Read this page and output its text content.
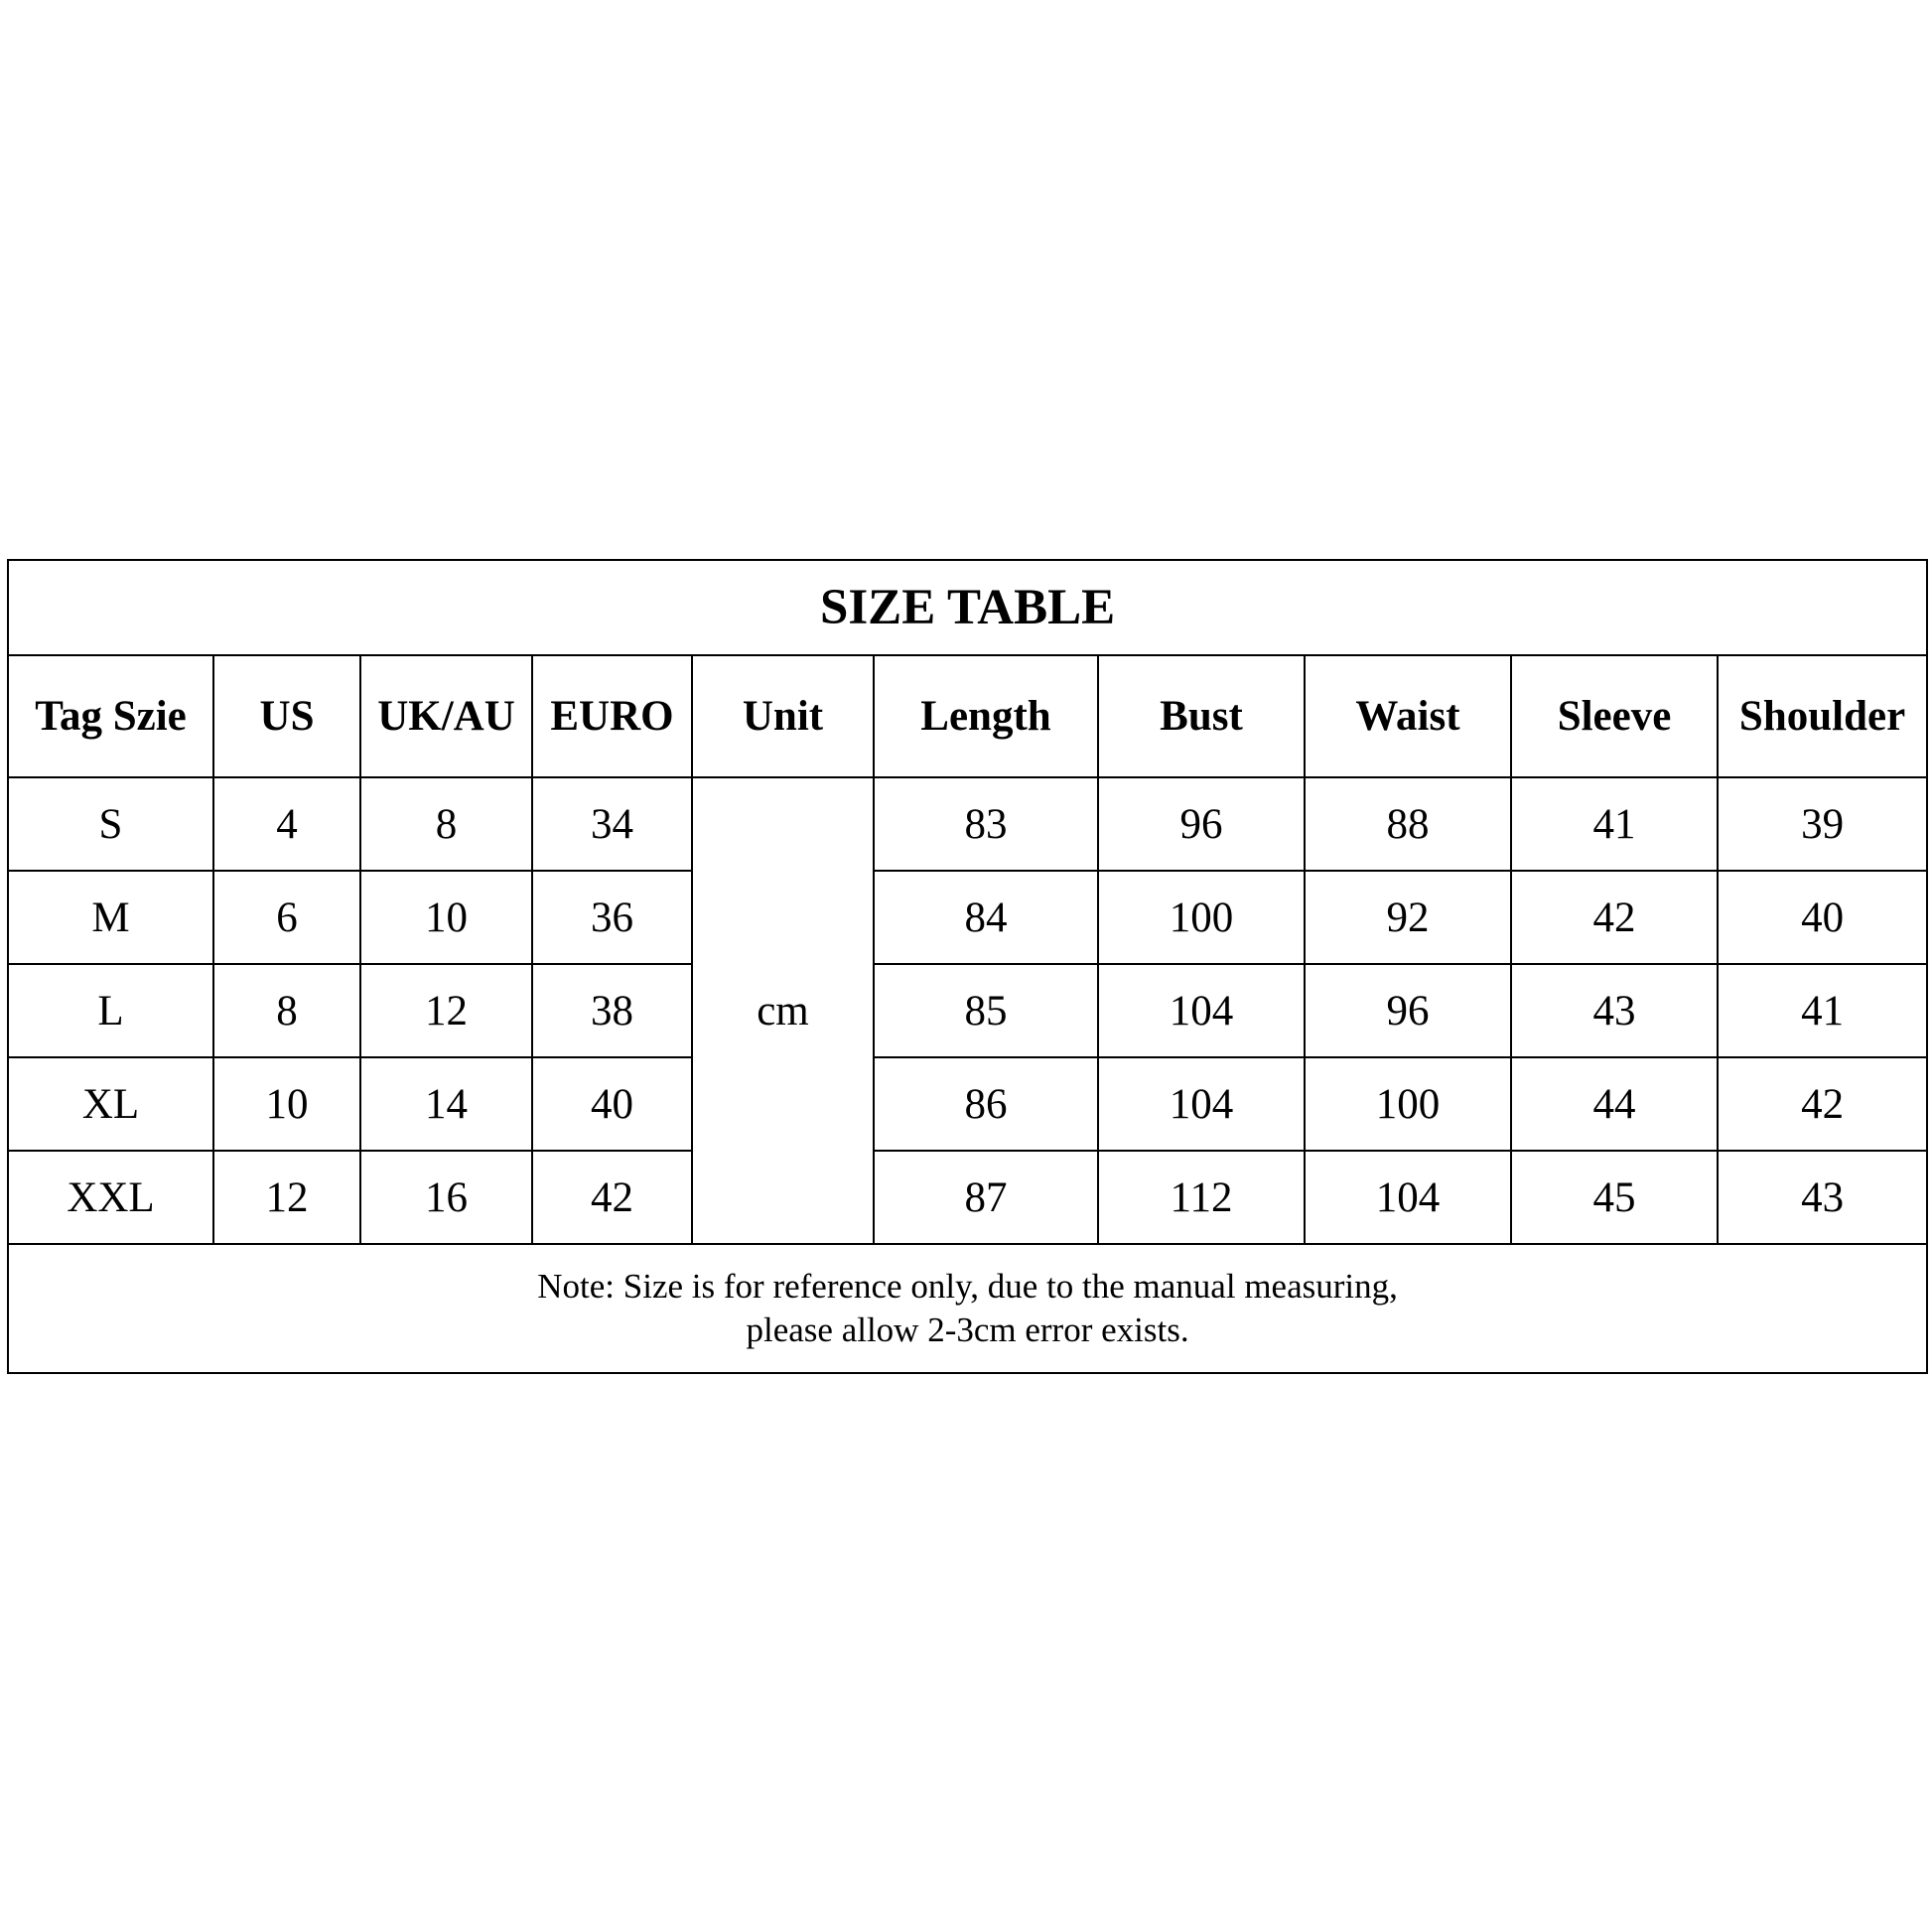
SIZE TABLE									
Tag Szie	US	UK/AU	EURO	Unit	Length	Bust	Waist	Sleeve	Shoulder
S	4	8	34	cm	83	96	88	41	39
M	6	10	36		84	100	92	42	40
L	8	12	38		85	104	96	43	41
XL	10	14	40		86	104	100	44	42
XXL	12	16	42		87	112	104	45	43

Note: Size is for reference only, due to the manual measuring,
please allow 2-3cm error exists.									
